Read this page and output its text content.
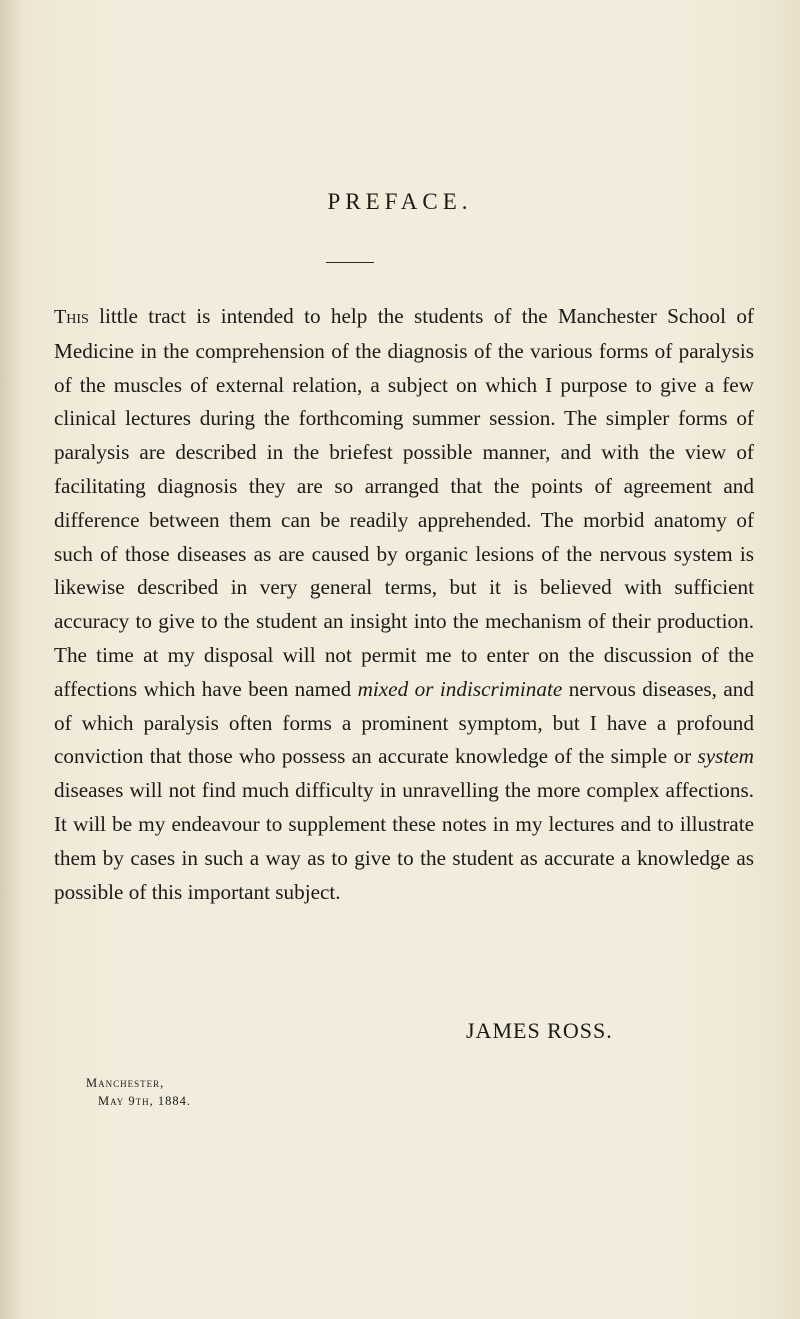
PREFACE.

This little tract is intended to help the students of the Manchester School of Medicine in the comprehension of the diagnosis of the various forms of paralysis of the muscles of external relation, a subject on which I purpose to give a few clinical lectures during the forthcoming summer session. The simpler forms of paralysis are described in the briefest possible manner, and with the view of facilitating diagnosis they are so arranged that the points of agreement and difference between them can be readily apprehended. The morbid anatomy of such of those diseases as are caused by organic lesions of the nervous system is likewise described in very general terms, but it is believed with sufficient accuracy to give to the student an insight into the mechanism of their production. The time at my disposal will not permit me to enter on the discussion of the affections which have been named mixed or indiscriminate nervous diseases, and of which paralysis often forms a prominent symptom, but I have a profound conviction that those who possess an accurate knowledge of the simple or system diseases will not find much difficulty in unravelling the more complex affections. It will be my endeavour to supplement these notes in my lectures and to illustrate them by cases in such a way as to give to the student as accurate a knowledge as possible of this important subject.

JAMES ROSS.

Manchester,

May 9th, 1884.
